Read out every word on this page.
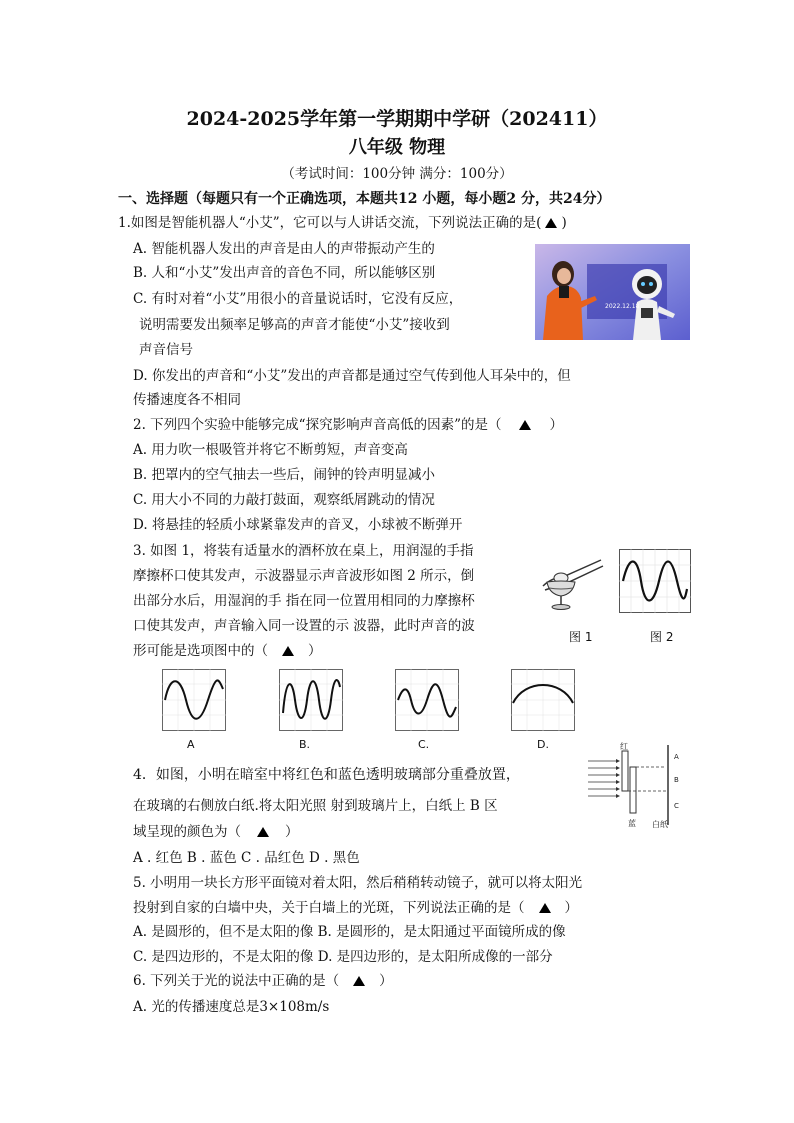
2024-2025学年第一学期期中学研（202411）
八年级 物理
（考试时间：100分钟 满分：100分）
一、选择题（每题只有一个正确选项，本题共12 小题，每小题2 分，共24分）
1.如图是智能机器人“小艾”，它可以与人讲话交流，下列说法正确的是( )
A. 智能机器人发出的声音是由人的声带振动产生的
B. 人和“小艾”发出声音的音色不同，所以能够区别
C. 有时对着“小艾”用很小的音量说话时，它没有反应，
说明需要发出频率足够高的声音才能使“小艾”接收到
声音信号
D. 你发出的声音和“小艾”发出的声音都是通过空气传到他人耳朵中的，但
传播速度各不相同
2022.12.18
2. 下列四个实验中能够完成“探究影响声音高低的因素”的是（	）
A. 用力吹一根吸管并将它不断剪短，声音变高
B. 把罩内的空气抽去一些后，闹钟的铃声明显减小
C. 用大小不同的力敲打鼓面，观察纸屑跳动的情况
D. 将悬挂的轻质小球紧靠发声的音叉，小球被不断弹开
3. 如图 1，将装有适量水的酒杯放在桌上，用润湿的手指
摩擦杯口使其发声，示波器显示声音波形如图 2 所示，倒
出部分水后，用湿润的手 指在同一位置用相同的力摩擦杯
口使其发声，声音输入同一设置的示 波器，此时声音的波
形可能是选项图中的（	）
图 1	图 2
A	B.	C.	D.
4．如图，小明在暗室中将红色和蓝色透明玻璃部分重叠放置，
在玻璃的右侧放白纸.将太阳光照 射到玻璃片上，白纸上 B 区
域呈现的颜色为（	）
A . 红色 B . 蓝色 C . 品红色 D . 黑色
红
蓝 白纸
A
B
C
5. 小明用一块长方形平面镜对着太阳，然后稍稍转动镜子，就可以将太阳光
投射到自家的白墙中央，关于白墙上的光斑，下列说法正确的是（	）
A. 是圆形的，但不是太阳的像 B. 是圆形的，是太阳通过平面镜所成的像
C. 是四边形的，不是太阳的像 D. 是四边形的，是太阳所成像的一部分
6. 下列关于光的说法中正确的是（	）
A. 光的传播速度总是3×108m/s
